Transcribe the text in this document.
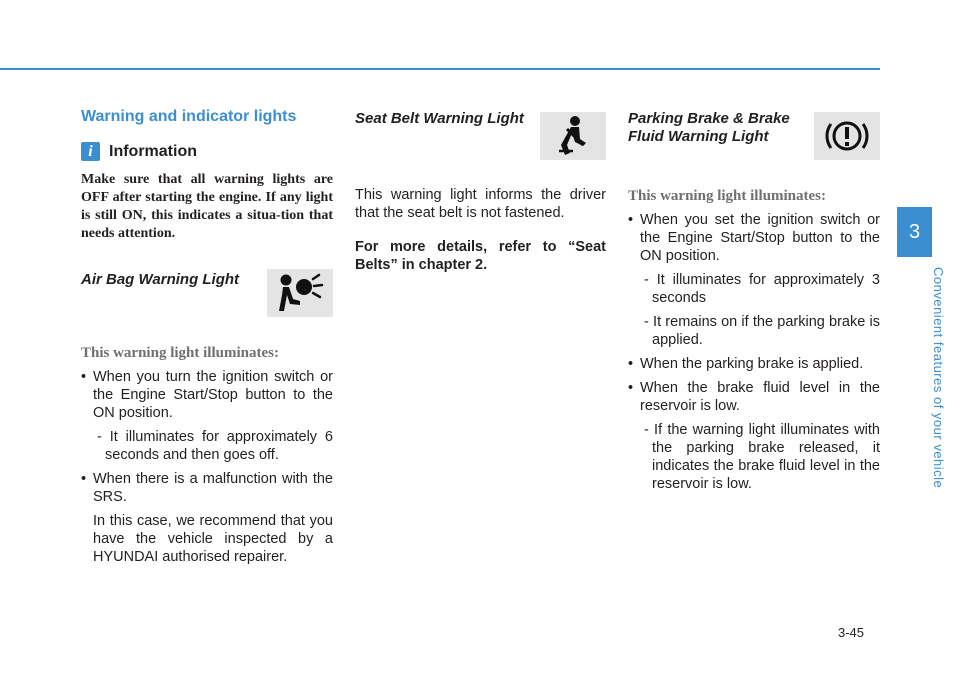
Warning and indicator lights
i	Information

Make sure that all warning lights are OFF after starting the engine. If any light is still ON, this indicates a situa-tion that needs attention.

Air Bag Warning Light

This warning light illuminates:

• When you turn the ignition switch or the Engine Start/Stop button to the ON position.
- It illuminates for approximately 6 seconds and then goes off.
• When there is a malfunction with the SRS.
In this case, we recommend that you have the vehicle inspected by a HYUNDAI authorised repairer.
Seat Belt Warning Light

This warning light informs the driver that the seat belt is not fastened.

For more details, refer to “Seat Belts” in chapter 2.

Parking Brake & Brake
Fluid Warning Light

This warning light illuminates:

• When you set the ignition switch or the Engine Start/Stop button to the ON position.
- It illuminates for approximately 3 seconds
- It remains on if the parking brake is applied.
• When the parking brake is applied.
• When the brake fluid level in the reservoir is low.
- If the warning light illuminates with the parking brake released, it indicates the brake fluid level in the reservoir is low.
3
Convenient features of your vehicle
3-45
